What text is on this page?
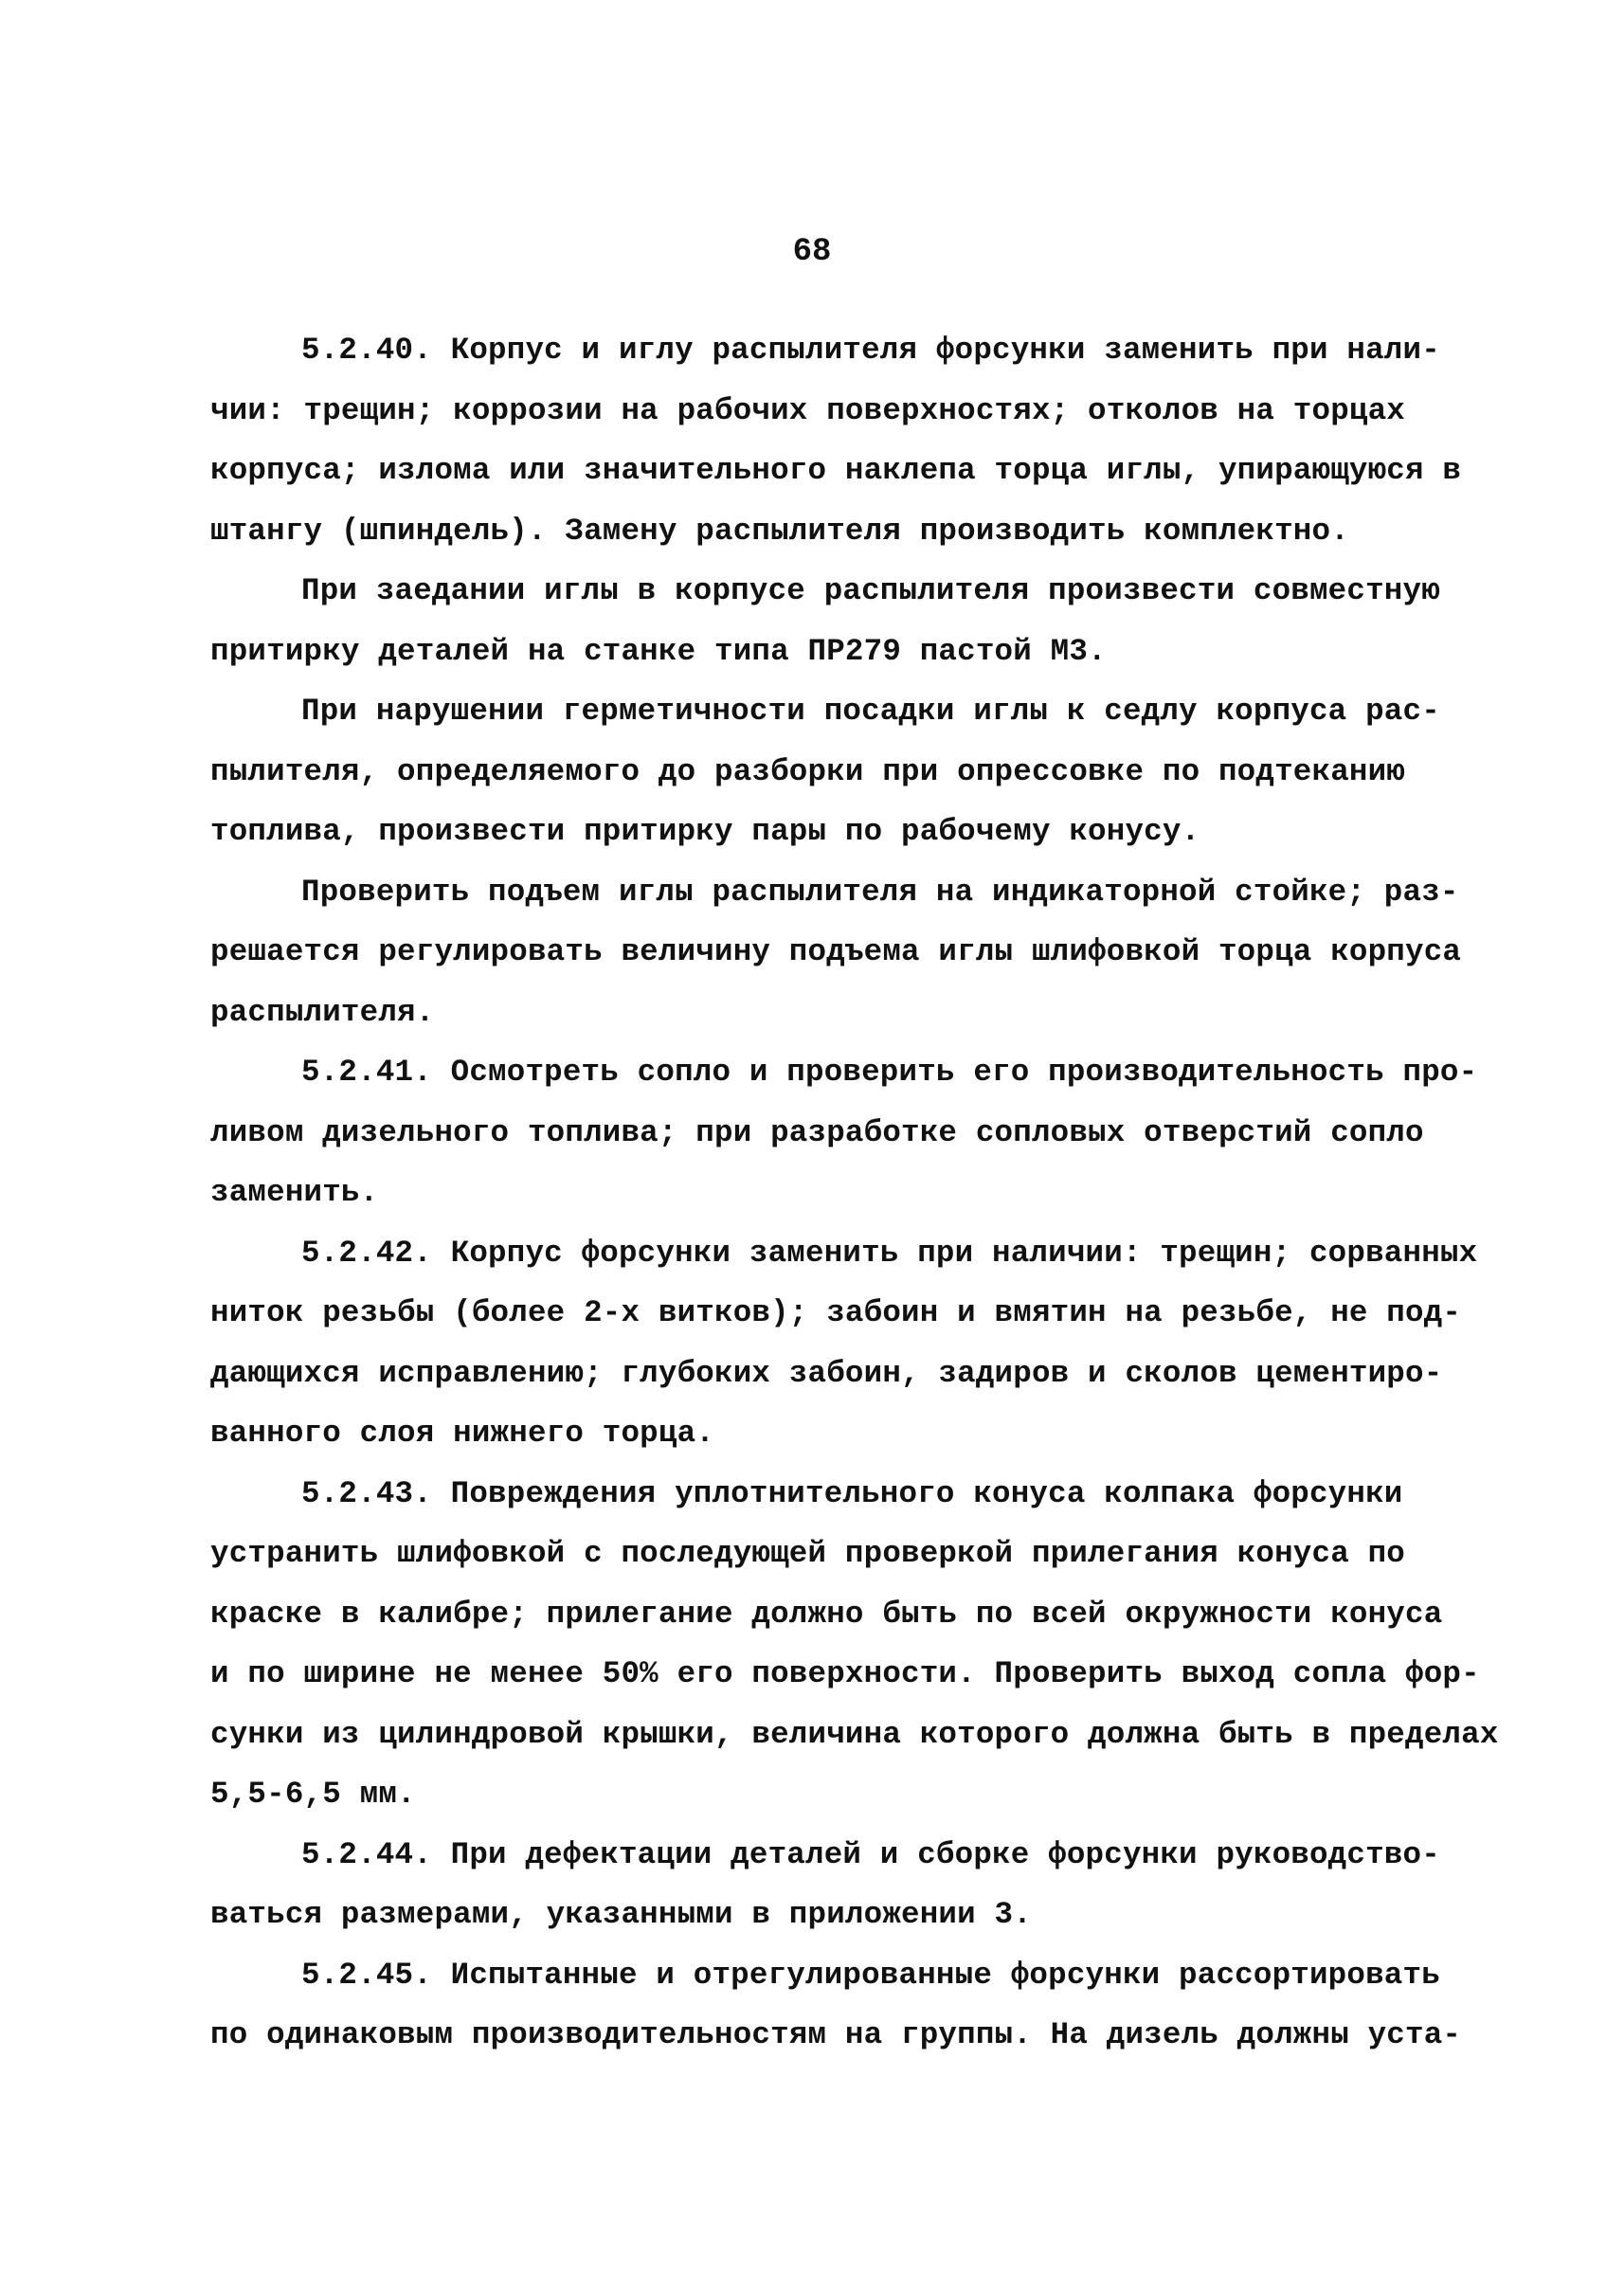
68

5.2.40. Корпус и иглу распылителя форсунки заменить при нали-
чии: трещин; коррозии на рабочих поверхностях; отколов на торцах
корпуса; излома или значительного наклепа торца иглы, упирающуюся в
штангу (шпиндель). Замену распылителя производить комплектно.

При заедании иглы в корпусе распылителя произвести совместную
притирку деталей на станке типа ПР279 пастой М3.

При нарушении герметичности посадки иглы к седлу корпуса рас-
пылителя, определяемого до разборки при опрессовке по подтеканию
топлива, произвести притирку пары по рабочему конусу.

Проверить подъем иглы распылителя на индикаторной стойке; раз-
решается регулировать величину подъема иглы шлифовкой торца корпуса
распылителя.

5.2.41. Осмотреть сопло и проверить его производительность про-
ливом дизельного топлива; при разработке сопловых отверстий сопло
заменить.

5.2.42. Корпус форсунки заменить при наличии: трещин; сорванных
ниток резьбы (более 2-х витков); забоин и вмятин на резьбе, не под-
дающихся исправлению; глубоких забоин, задиров и сколов цементиро-
ванного слоя нижнего торца.

5.2.43. Повреждения уплотнительного конуса колпака форсунки
устранить шлифовкой с последующей проверкой прилегания конуса по
краске в калибре; прилегание должно быть по всей окружности конуса
и по ширине не менее 50% его поверхности. Проверить выход сопла фор-
сунки из цилиндровой крышки, величина которого должна быть в пределах
5,5-6,5 мм.

5.2.44. При дефектации деталей и сборке форсунки руководство-
ваться размерами, указанными в приложении 3.

5.2.45. Испытанные и отрегулированные форсунки рассортировать
по одинаковым производительностям на группы. На дизель должны уста-
